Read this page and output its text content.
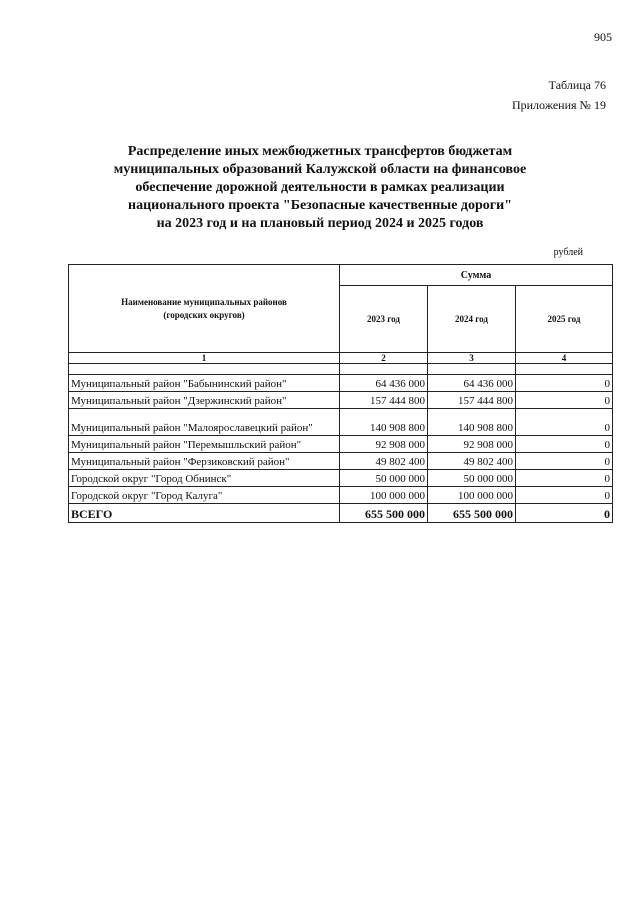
905
Таблица 76
Приложения № 19
Распределение иных межбюджетных трансфертов бюджетам
муниципальных образований Калужской области на финансовое
обеспечение дорожной деятельности в рамках реализации
национального проекта "Безопасные качественные дороги"
на 2023 год и на плановый период 2024 и 2025 годов
рублей
Наименование муниципальных районов
(городских округов)	Сумма		
	2023 год	2024 год	2025 год
1	2	3	4

Муниципальный район "Бабынинский район"	64 436 000	64 436 000	0
Муниципальный район "Дзержинский район"	157 444 800	157 444 800	0
Муниципальный район "Малоярославецкий район"	140 908 800	140 908 800	0
Муниципальный район "Перемышльский район"	92 908 000	92 908 000	0
Муниципальный район "Ферзиковский район"	49 802 400	49 802 400	0
Городской округ "Город Обнинск"	50 000 000	50 000 000	0
Городской округ "Город Калуга"	100 000 000	100 000 000	0
ВСЕГО	655 500 000	655 500 000	0
